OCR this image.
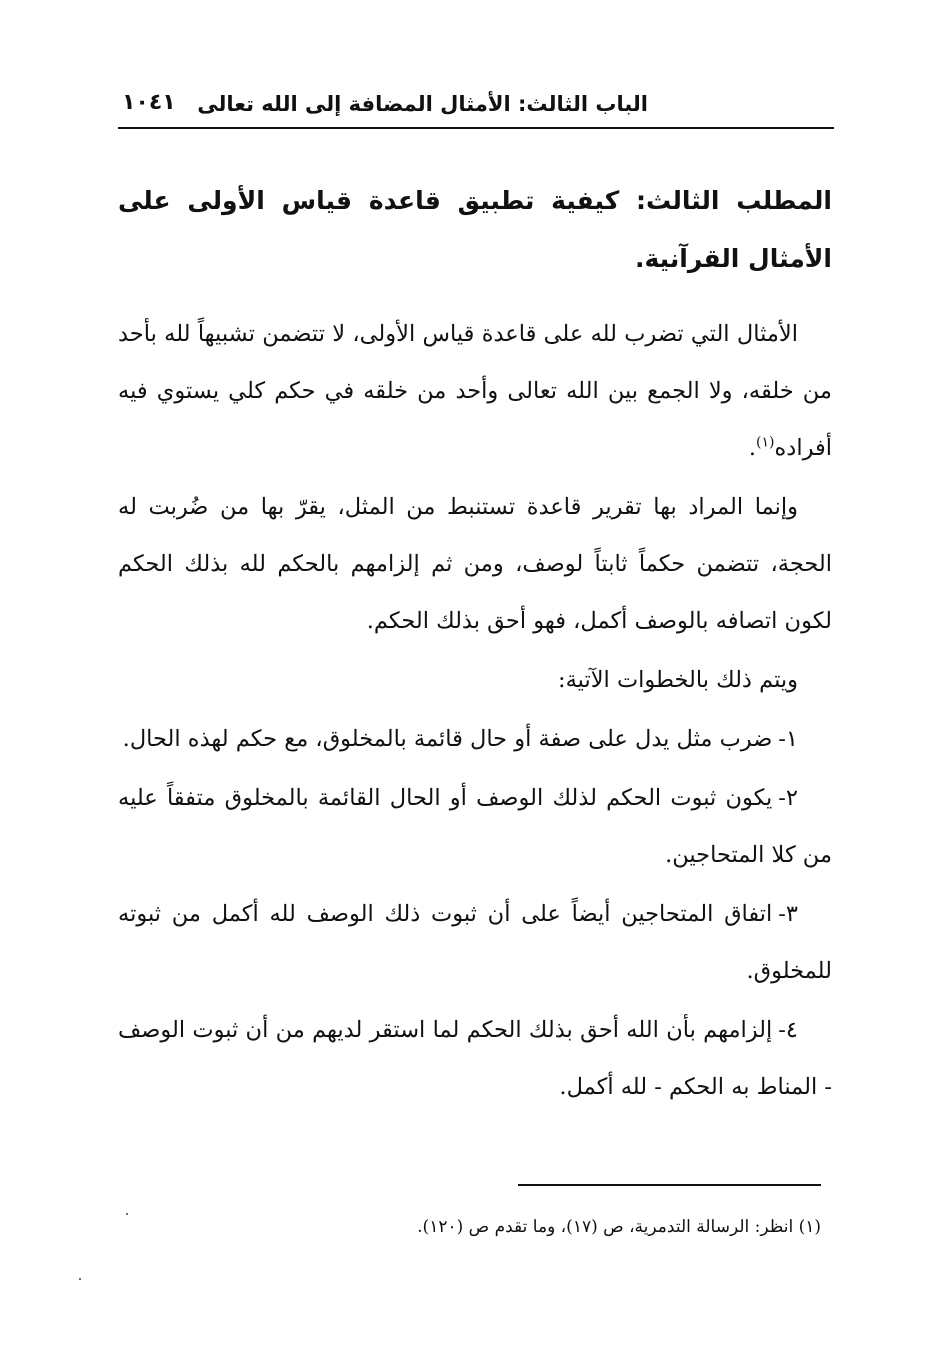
الباب الثالث: الأمثال المضافة إلى الله تعالى
١٠٤١
المطلب الثالث: كيفية تطبيق قاعدة قياس الأولى على الأمثال القرآنية.

الأمثال التي تضرب لله على قاعدة قياس الأولى، لا تتضمن تشبيهاً لله بأحد من خلقه، ولا الجمع بين الله تعالى وأحد من خلقه في حكم كلي يستوي فيه أفراده$^{(١)}$.

وإنما المراد بها تقرير قاعدة تستنبط من المثل، يقرّ بها من ضُربت له الحجة، تتضمن حكماً ثابتاً لوصف، ومن ثم إلزامهم بالحكم لله بذلك الحكم لكون اتصافه بالوصف أكمل، فهو أحق بذلك الحكم.

ويتم ذلك بالخطوات الآتية:

١-ضرب مثل يدل على صفة أو حال قائمة بالمخلوق، مع حكم لهذه الحال.

٢-يكون ثبوت الحكم لذلك الوصف أو الحال القائمة بالمخلوق متفقاً عليه من كلا المتحاجين.

٣-اتفاق المتحاجين أيضاً على أن ثبوت ذلك الوصف لله أكمل من ثبوته للمخلوق.

٤-إلزامهم بأن الله أحق بذلك الحكم لما استقر لديهم من أن ثبوت الوصف - المناط به الحكم - لله أكمل.

(١) انظر: الرسالة التدمرية، ص (١٧)، وما تقدم ص (١٢٠).
